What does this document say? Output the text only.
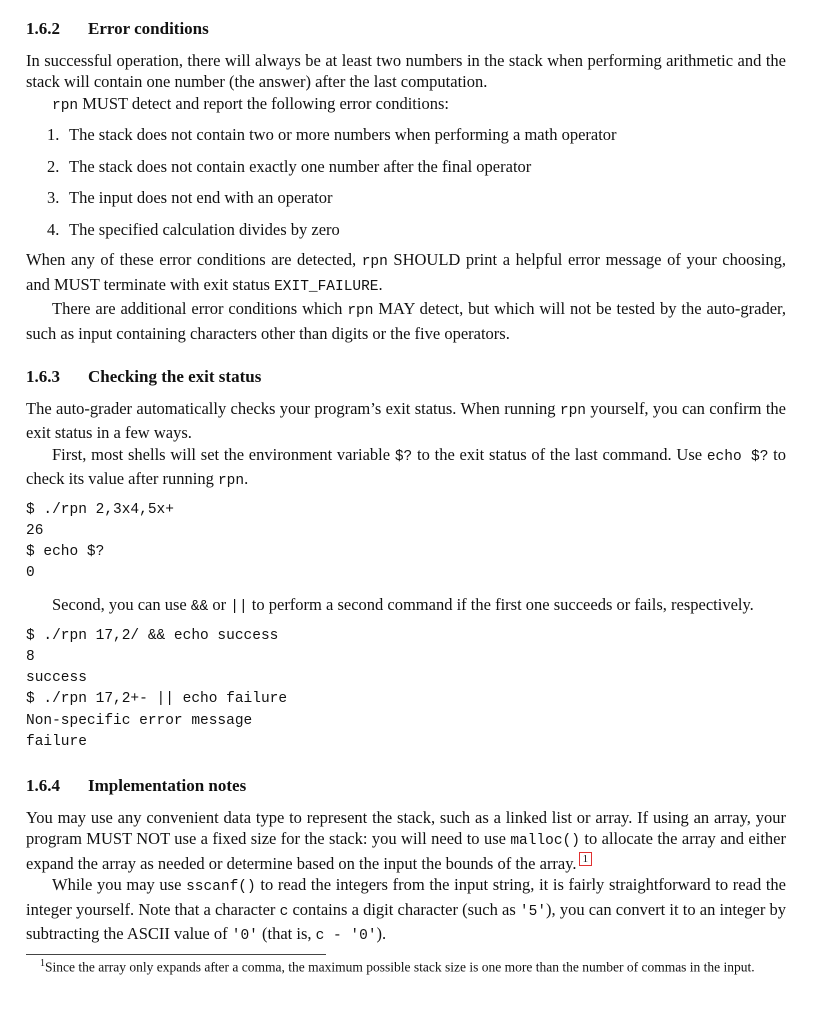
1.6.2 Error conditions

In successful operation, there will always be at least two numbers in the stack when performing arithmetic and the stack will contain one number (the answer) after the last computation.

rpn MUST detect and report the following error conditions:

1. The stack does not contain two or more numbers when performing a math operator
2. The stack does not contain exactly one number after the final operator
3. The input does not end with an operator
4. The specified calculation divides by zero

When any of these error conditions are detected, rpn SHOULD print a helpful error message of your choosing, and MUST terminate with exit status EXIT_FAILURE.

There are additional error conditions which rpn MAY detect, but which will not be tested by the auto-grader, such as input containing characters other than digits or the five operators.

1.6.3 Checking the exit status

The auto-grader automatically checks your program’s exit status. When running rpn yourself, you can confirm the exit status in a few ways.

First, most shells will set the environment variable $? to the exit status of the last command. Use echo $? to check its value after running rpn.

$ ./rpn 2,3x4,5x+
26
$ echo $?
0

Second, you can use && or || to perform a second command if the first one succeeds or fails, respectively.

$ ./rpn 17,2/ && echo success
8
success
$ ./rpn 17,2+- || echo failure
Non-specific error message
failure
1.6.4 Implementation notes

You may use any convenient data type to represent the stack, such as a linked list or array. If using an array, your program MUST NOT use a fixed size for the stack: you will need to use malloc() to allocate the array and either expand the array as needed or determine based on the input the bounds of the array. 1

While you may use sscanf() to read the integers from the input string, it is fairly straightforward to read the integer yourself. Note that a character c contains a digit character (such as '5'), you can convert it to an integer by subtracting the ASCII value of '0' (that is, c - '0').

$^1$Since the array only expands after a comma, the maximum possible stack size is one more than the number of commas in the input.
